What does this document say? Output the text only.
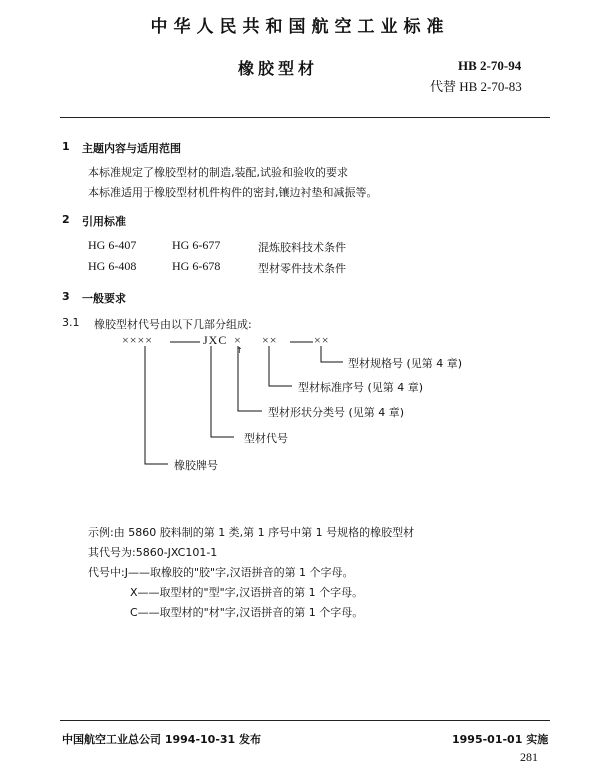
中华人民共和国航空工业标准
橡胶型材	HB 2-70-94
代替 HB 2-70-83
1 主题内容与适用范围
本标准规定了橡胶型材的制造,装配,试验和验收的要求
本标准适用于橡胶型材机件构件的密封,镶边衬垫和减振等。
2 引用标准
HG 6-407	HG 6-677	混炼胶料技术条件
HG 6-408	HG 6-678	型材零件技术条件
3 一般要求
3.1 橡胶型材代号由以下几部分组成:
××××	JXC ×
↑
××	××
型材规格号 (见第 4 章)
型材标准序号 (见第 4 章)
型材形状分类号 (见第 4 章)
型材代号
橡胶牌号
示例:由 5860 胶料制的第 1 类,第 1 序号中第 1 号规格的橡胶型材
其代号为:5860-JXC101-1
代号中:J——取橡胶的"胶"字,汉语拼音的第 1 个字母。
X——取型材的"型"字,汉语拼音的第 1 个字母。
C——取型材的"材"字,汉语拼音的第 1 个字母。
中国航空工业总公司 1994-10-31 发布	1995-01-01 实施
281
